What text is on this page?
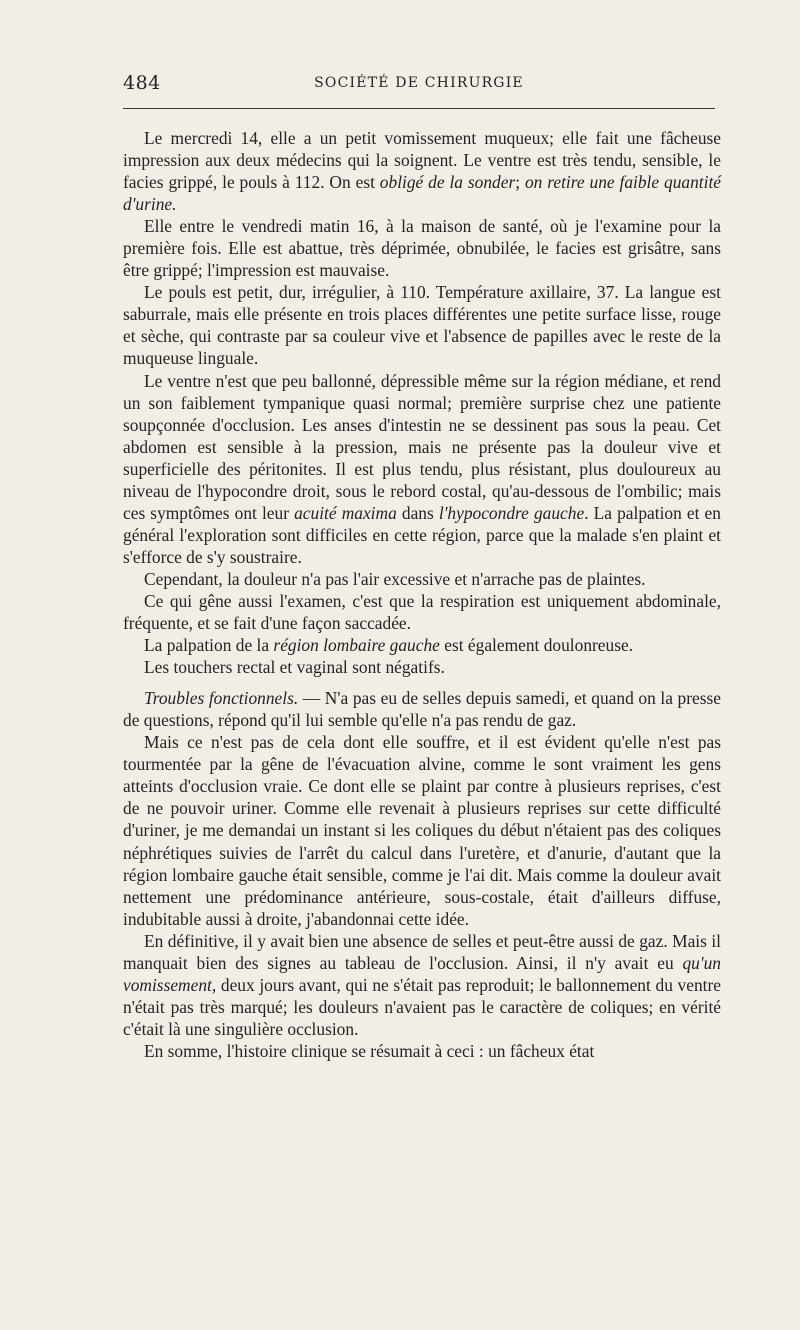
484	SOCIÉTÉ DE CHIRURGIE

Le mercredi 14, elle a un petit vomissement muqueux; elle fait une fâcheuse impression aux deux médecins qui la soignent. Le ventre est très tendu, sensible, le facies grippé, le pouls à 112. On est obligé de la sonder; on retire une faible quantité d'urine.

Elle entre le vendredi matin 16, à la maison de santé, où je l'examine pour la première fois. Elle est abattue, très déprimée, obnubilée, le facies est grisâtre, sans être grippé; l'impression est mauvaise.

Le pouls est petit, dur, irrégulier, à 110. Température axillaire, 37. La langue est saburrale, mais elle présente en trois places différentes une petite surface lisse, rouge et sèche, qui contraste par sa couleur vive et l'absence de papilles avec le reste de la muqueuse linguale.

Le ventre n'est que peu ballonné, dépressible même sur la région médiane, et rend un son faiblement tympanique quasi normal; première surprise chez une patiente soupçonnée d'occlusion. Les anses d'intestin ne se dessinent pas sous la peau. Cet abdomen est sensible à la pression, mais ne présente pas la douleur vive et superficielle des péritonites. Il est plus tendu, plus résistant, plus douloureux au niveau de l'hypocondre droit, sous le rebord costal, qu'au-dessous de l'ombilic; mais ces symptômes ont leur acuité maxima dans l'hypocondre gauche. La palpation et en général l'exploration sont difficiles en cette région, parce que la malade s'en plaint et s'efforce de s'y soustraire.

Cependant, la douleur n'a pas l'air excessive et n'arrache pas de plaintes.

Ce qui gêne aussi l'examen, c'est que la respiration est uniquement abdominale, fréquente, et se fait d'une façon saccadée.

La palpation de la région lombaire gauche est également doulonreuse.

Les touchers rectal et vaginal sont négatifs.

Troubles fonctionnels. — N'a pas eu de selles depuis samedi, et quand on la presse de questions, répond qu'il lui semble qu'elle n'a pas rendu de gaz.

Mais ce n'est pas de cela dont elle souffre, et il est évident qu'elle n'est pas tourmentée par la gêne de l'évacuation alvine, comme le sont vraiment les gens atteints d'occlusion vraie. Ce dont elle se plaint par contre à plusieurs reprises, c'est de ne pouvoir uriner. Comme elle revenait à plusieurs reprises sur cette difficulté d'uriner, je me demandai un instant si les coliques du début n'étaient pas des coliques néphrétiques suivies de l'arrêt du calcul dans l'uretère, et d'anurie, d'autant que la région lombaire gauche était sensible, comme je l'ai dit. Mais comme la douleur avait nettement une prédominance antérieure, sous-costale, était d'ailleurs diffuse, indubitable aussi à droite, j'abandonnai cette idée.

En définitive, il y avait bien une absence de selles et peut-être aussi de gaz. Mais il manquait bien des signes au tableau de l'occlusion. Ainsi, il n'y avait eu qu'un vomissement, deux jours avant, qui ne s'était pas reproduit; le ballonnement du ventre n'était pas très marqué; les douleurs n'avaient pas le caractère de coliques; en vérité c'était là une singulière occlusion.

En somme, l'histoire clinique se résumait à ceci : un fâcheux état
